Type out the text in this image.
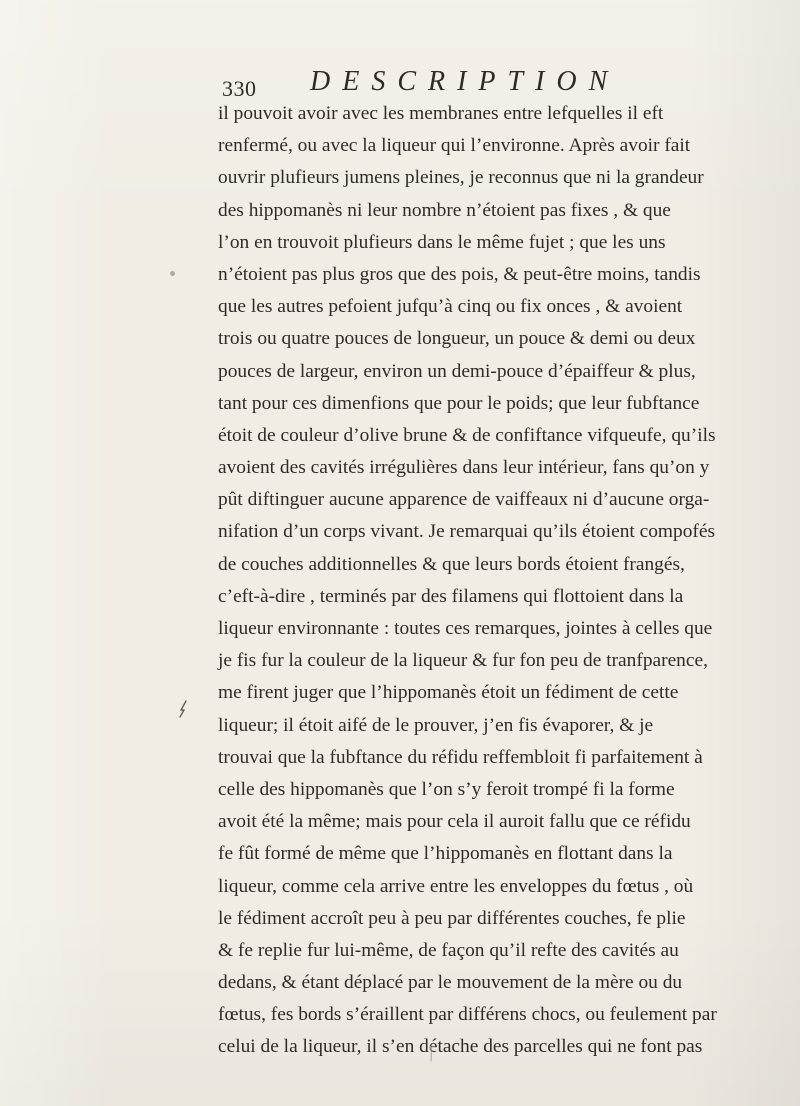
330 DESCRIPTION
il pouvoit avoir avec les membranes entre lefquelles il eft
renfermé, ou avec la liqueur qui l’environne. Après avoir fait
ouvrir plufieurs jumens pleines, je reconnus que ni la grandeur
des hippomanès ni leur nombre n’étoient pas fixes , & que
l’on en trouvoit plufieurs dans le même fujet ; que les uns
n’étoient pas plus gros que des pois, & peut-être moins, tandis
que les autres pefoient jufqu’à cinq ou fix onces , & avoient
trois ou quatre pouces de longueur, un pouce & demi ou deux
pouces de largeur, environ un demi-pouce d’épaiffeur & plus,
tant pour ces dimenfions que pour le poids; que leur fubftance
étoit de couleur d’olive brune & de confiftance vifqueufe, qu’ils
avoient des cavités irrégulières dans leur intérieur, fans qu’on y
pût diftinguer aucune apparence de vaiffeaux ni d’aucune orga-
nifation d’un corps vivant. Je remarquai qu’ils étoient compofés
de couches additionnelles & que leurs bords étoient frangés,
c’eft-à-dire , terminés par des filamens qui flottoient dans la
liqueur environnante : toutes ces remarques, jointes à celles que
je fis fur la couleur de la liqueur & fur fon peu de tranfparence,
me firent juger que l’hippomanès étoit un fédiment de cette
liqueur; il étoit aifé de le prouver, j’en fis évaporer, & je
trouvai que la fubftance du réfidu reffembloit fi parfaitement à
celle des hippomanès que l’on s’y feroit trompé fi la forme
avoit été la même; mais pour cela il auroit fallu que ce réfidu
fe fût formé de même que l’hippomanès en flottant dans la
liqueur, comme cela arrive entre les enveloppes du fœtus , où
le fédiment accroît peu à peu par différentes couches, fe plie
& fe replie fur lui-même, de façon qu’il refte des cavités au
dedans, & étant déplacé par le mouvement de la mère ou du
fœtus, fes bords s’éraillent par différens chocs, ou feulement par
celui de la liqueur, il s’en détache des parcelles qui ne font pas
